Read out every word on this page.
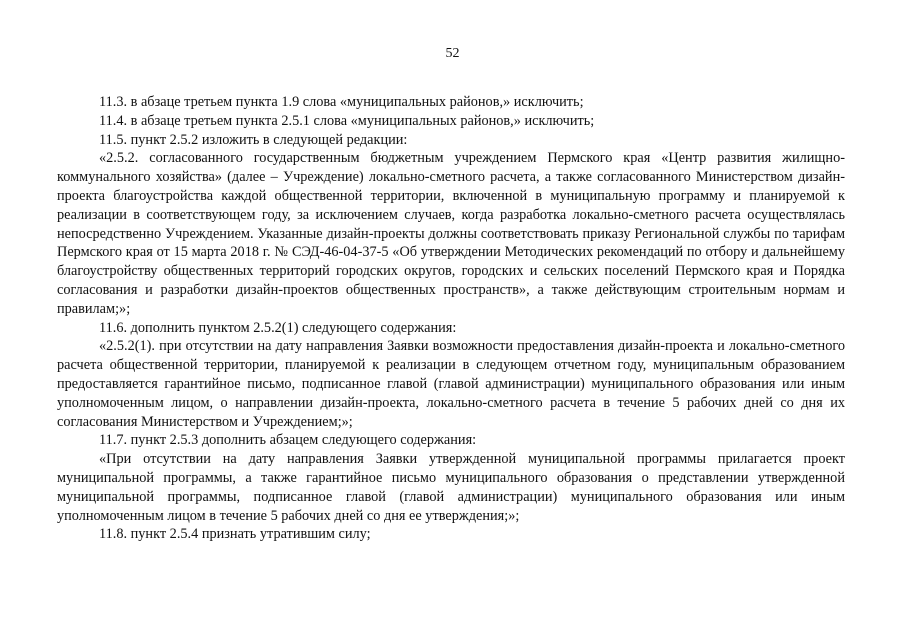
52

11.3. в абзаце третьем пункта 1.9 слова «муниципальных районов,» исключить;

11.4. в абзаце третьем пункта 2.5.1 слова «муниципальных районов,» исключить;

11.5. пункт 2.5.2 изложить в следующей редакции:

«2.5.2. согласованного государственным бюджетным учреждением Пермского края «Центр развития жилищно-коммунального хозяйства» (далее – Учреждение) локально-сметного расчета, а также согласованного Министерством дизайн-проекта благоустройства каждой общественной территории, включенной в муниципальную программу и планируемой к реализации в соответствующем году, за исключением случаев, когда разработка локально-сметного расчета осуществлялась непосредственно Учреждением. Указанные дизайн-проекты должны соответствовать приказу Региональной службы по тарифам Пермского края от 15 марта 2018 г. № СЭД-46-04-37-5 «Об утверждении Методических рекомендаций по отбору и дальнейшему благоустройству общественных территорий городских округов, городских и сельских поселений Пермского края и Порядка согласования и разработки дизайн-проектов общественных пространств», а также действующим строительным нормам и правилам;»;

11.6. дополнить пунктом 2.5.2(1) следующего содержания:

«2.5.2(1). при отсутствии на дату направления Заявки возможности предоставления дизайн-проекта и локально-сметного расчета общественной территории, планируемой к реализации в следующем отчетном году, муниципальным образованием предоставляется гарантийное письмо, подписанное главой (главой администрации) муниципального образования или иным уполномоченным лицом, о направлении дизайн-проекта, локально-сметного расчета в течение 5 рабочих дней со дня их согласования Министерством и Учреждением;»;

11.7. пункт 2.5.3 дополнить абзацем следующего содержания:

«При отсутствии на дату направления Заявки утвержденной муниципальной программы прилагается проект муниципальной программы, а также гарантийное письмо муниципального образования о представлении утвержденной муниципальной программы, подписанное главой (главой администрации) муниципального образования или иным уполномоченным лицом в течение 5 рабочих дней со дня ее утверждения;»;

11.8. пункт 2.5.4 признать утратившим силу;
